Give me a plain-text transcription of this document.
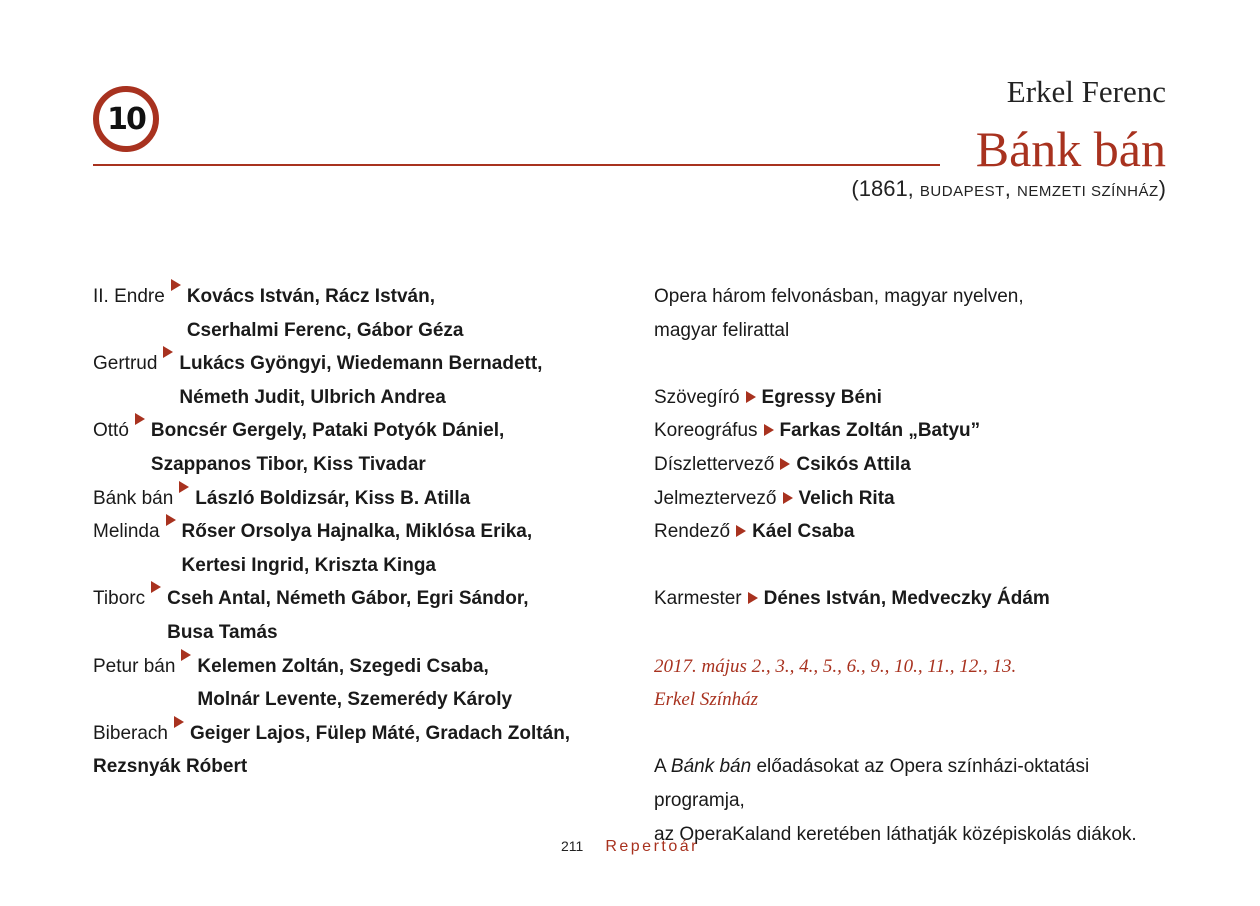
10
Erkel Ferenc
Bánk bán
(1861, BUDAPEST, NEMZETI SZÍNHÁZ)
II. Endre Kovács István, Rácz István,
Cserhalmi Ferenc, Gábor Géza
Gertrud Lukács Gyöngyi, Wiedemann Bernadett,
Németh Judit, Ulbrich Andrea
Ottó Boncsér Gergely, Pataki Potyók Dániel,
Szappanos Tibor, Kiss Tivadar
Bánk bán László Boldizsár, Kiss B. Atilla
Melinda Rőser Orsolya Hajnalka, Miklósa Erika,
Kertesi Ingrid, Kriszta Kinga
Tiborc Cseh Antal, Németh Gábor, Egri Sándor,
Busa Tamás
Petur bán Kelemen Zoltán, Szegedi Csaba,
Molnár Levente, Szemerédy Károly
Biberach Geiger Lajos, Fülep Máté, Gradach Zoltán,
Rezsnyák Róbert
Opera három felvonásban, magyar nyelven,
magyar felirattal
Szövegíró Egressy Béni
Koreográfus Farkas Zoltán „Batyu”
Díszlettervező Csikós Attila
Jelmeztervező Velich Rita
Rendező Káel Csaba
Karmester Dénes István, Medveczky Ádám
2017. május 2., 3., 4., 5., 6., 9., 10., 11., 12., 13.
Erkel Színház
A Bánk bán előadásokat az Opera színházi-oktatási programja,
az OperaKaland keretében láthatják középiskolás diákok.
211 Repertoár
